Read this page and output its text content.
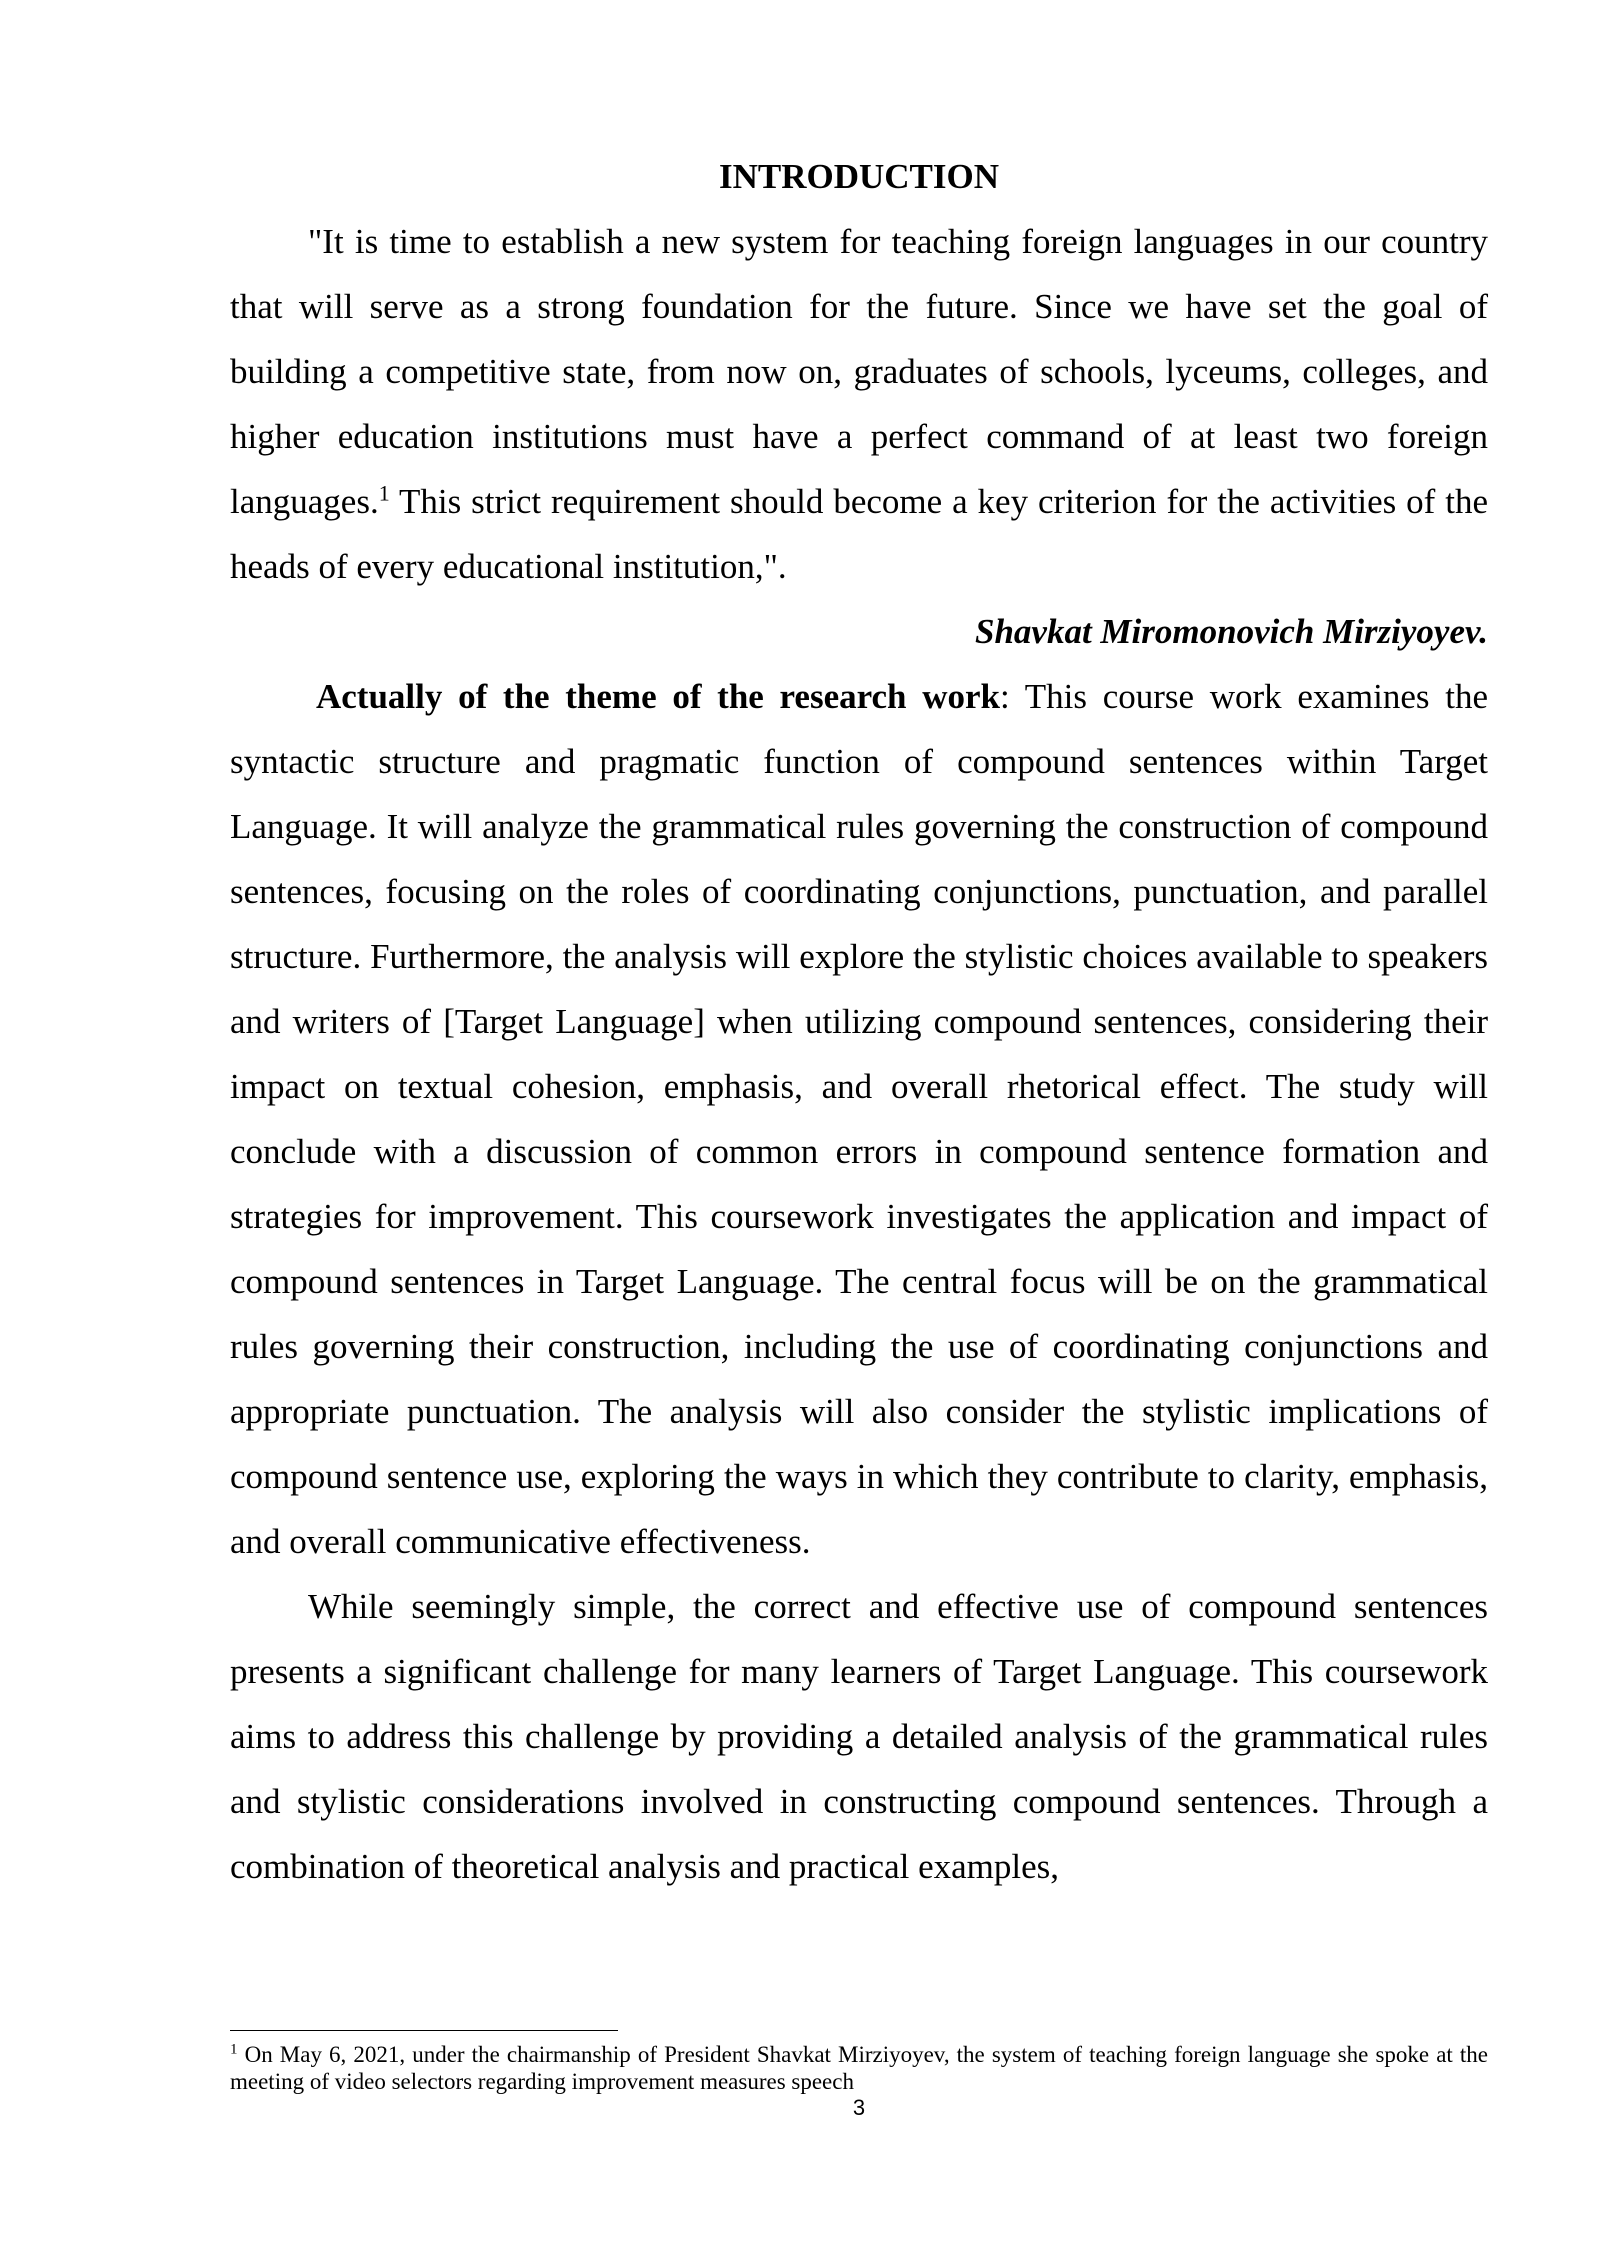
INTRODUCTION

"It is time to establish a new system for teaching foreign languages in our country that will serve as a strong foundation for the future. Since we have set the goal of building a competitive state, from now on, graduates of schools, lyceums, colleges, and higher education institutions must have a perfect command of at least two foreign languages.$^1$ This strict requirement should become a key criterion for the activities of the heads of every educational institution,".

Shavkat Miromonovich Mirziyoyev.

Actually of the theme of the research work: This course work examines the syntactic structure and pragmatic function of compound sentences within Target Language. It will analyze the grammatical rules governing the construction of compound sentences, focusing on the roles of coordinating conjunctions, punctuation, and parallel structure. Furthermore, the analysis will explore the stylistic choices available to speakers and writers of [Target Language] when utilizing compound sentences, considering their impact on textual cohesion, emphasis, and overall rhetorical effect. The study will conclude with a discussion of common errors in compound sentence formation and strategies for improvement. This coursework investigates the application and impact of compound sentences in Target Language. The central focus will be on the grammatical rules governing their construction, including the use of coordinating conjunctions and appropriate punctuation. The analysis will also consider the stylistic implications of compound sentence use, exploring the ways in which they contribute to clarity, emphasis, and overall communicative effectiveness.

While seemingly simple, the correct and effective use of compound sentences presents a significant challenge for many learners of Target Language. This coursework aims to address this challenge by providing a detailed analysis of the grammatical rules and stylistic considerations involved in constructing compound sentences. Through a combination of theoretical analysis and practical examples,

$^1$ On May 6, 2021, under the chairmanship of President Shavkat Mirziyoyev, the system of teaching foreign language she spoke at the meeting of video selectors regarding improvement measures speech
3
